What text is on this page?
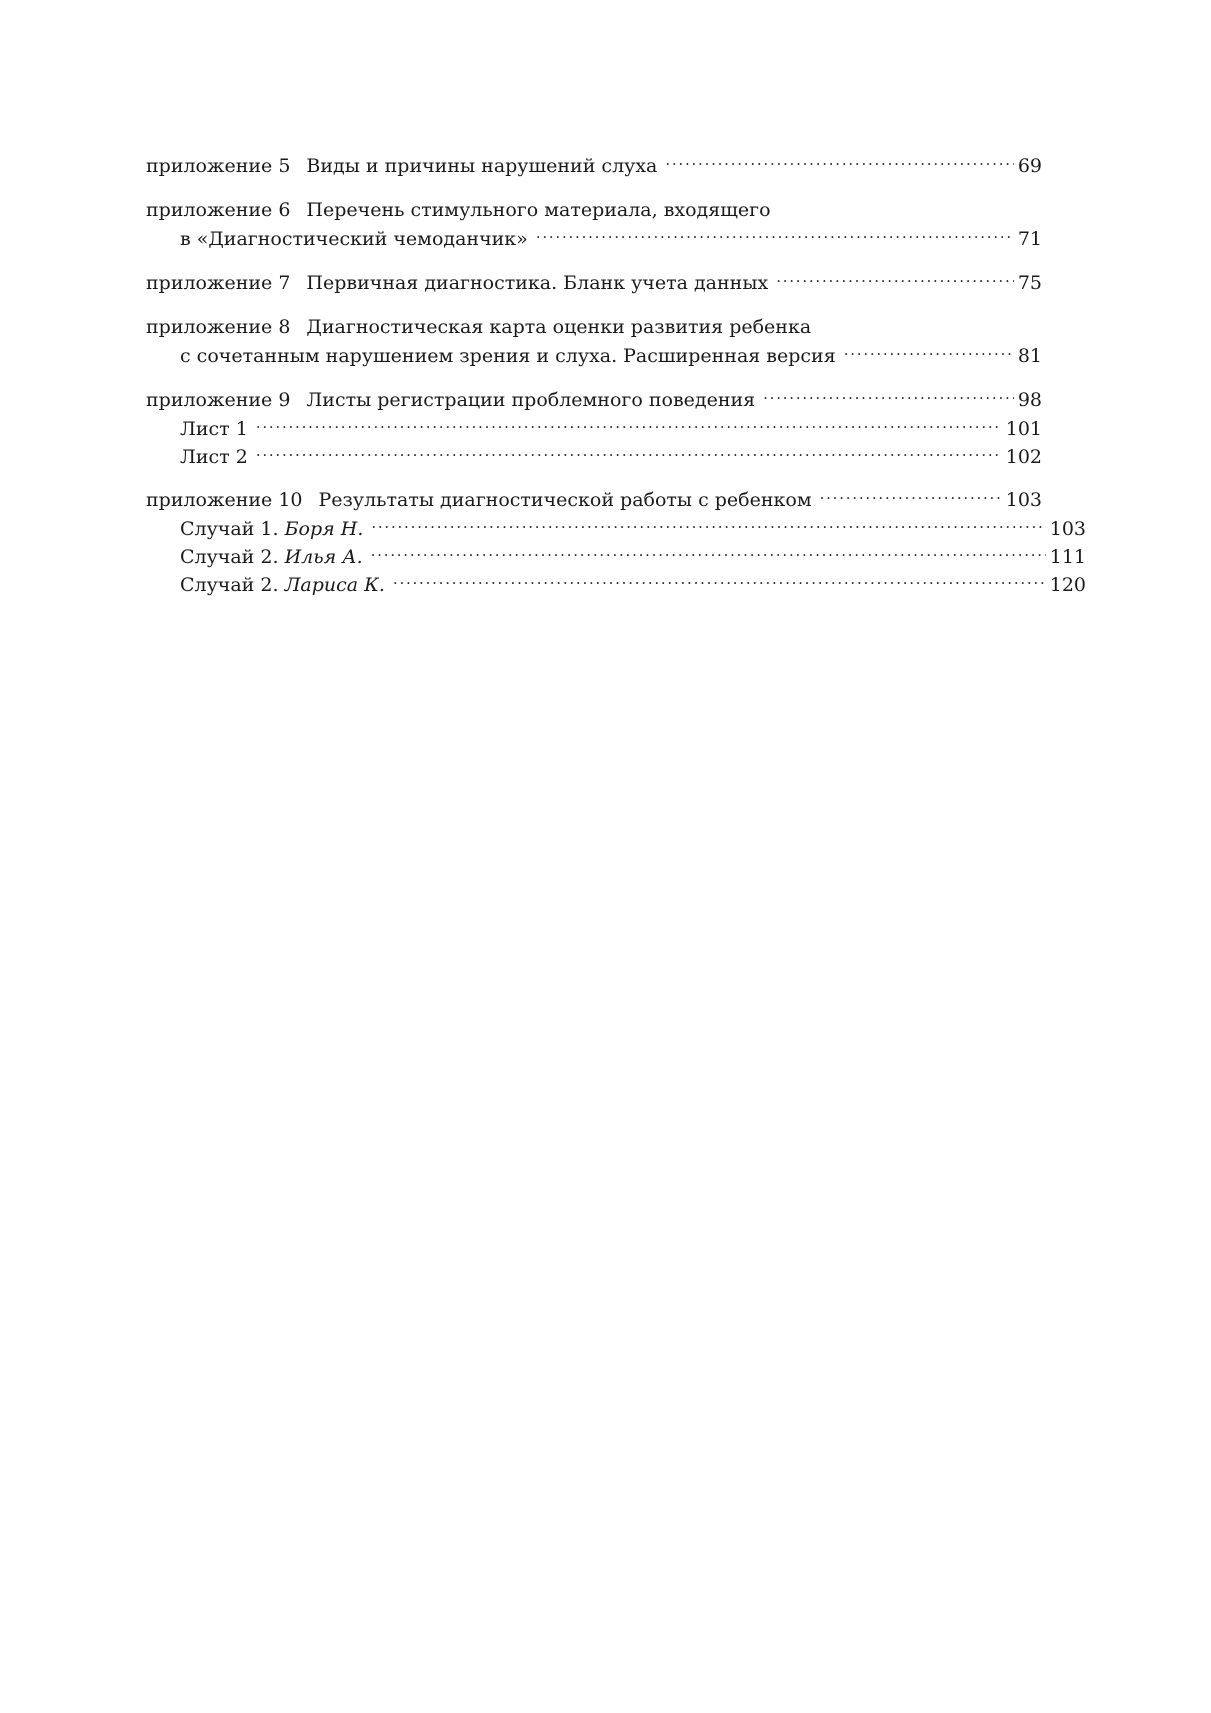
приложение 5 Виды и причины нарушений слуха . . .	69
приложение 6 Перечень стимульного материала, входящего
в «Диагностический чемоданчик» . . .	71
приложение 7 Первичная диагностика. Бланк учета данных . . .	75
приложение 8 Диагностическая карта оценки развития ребенка
с сочетанным нарушением зрения и слуха. Расширенная версия . . .	81
приложение 9 Листы регистрации проблемного поведения . . .	98
Лист 1 . . .	101
Лист 2 . . .	102
приложение 10 Результаты диагностической работы с ребенком . . .	103
Случай 1. Боря Н. . . .	103
Случай 2. Илья А. . . .	111
Случай 2. Лариса К. . . .	120
